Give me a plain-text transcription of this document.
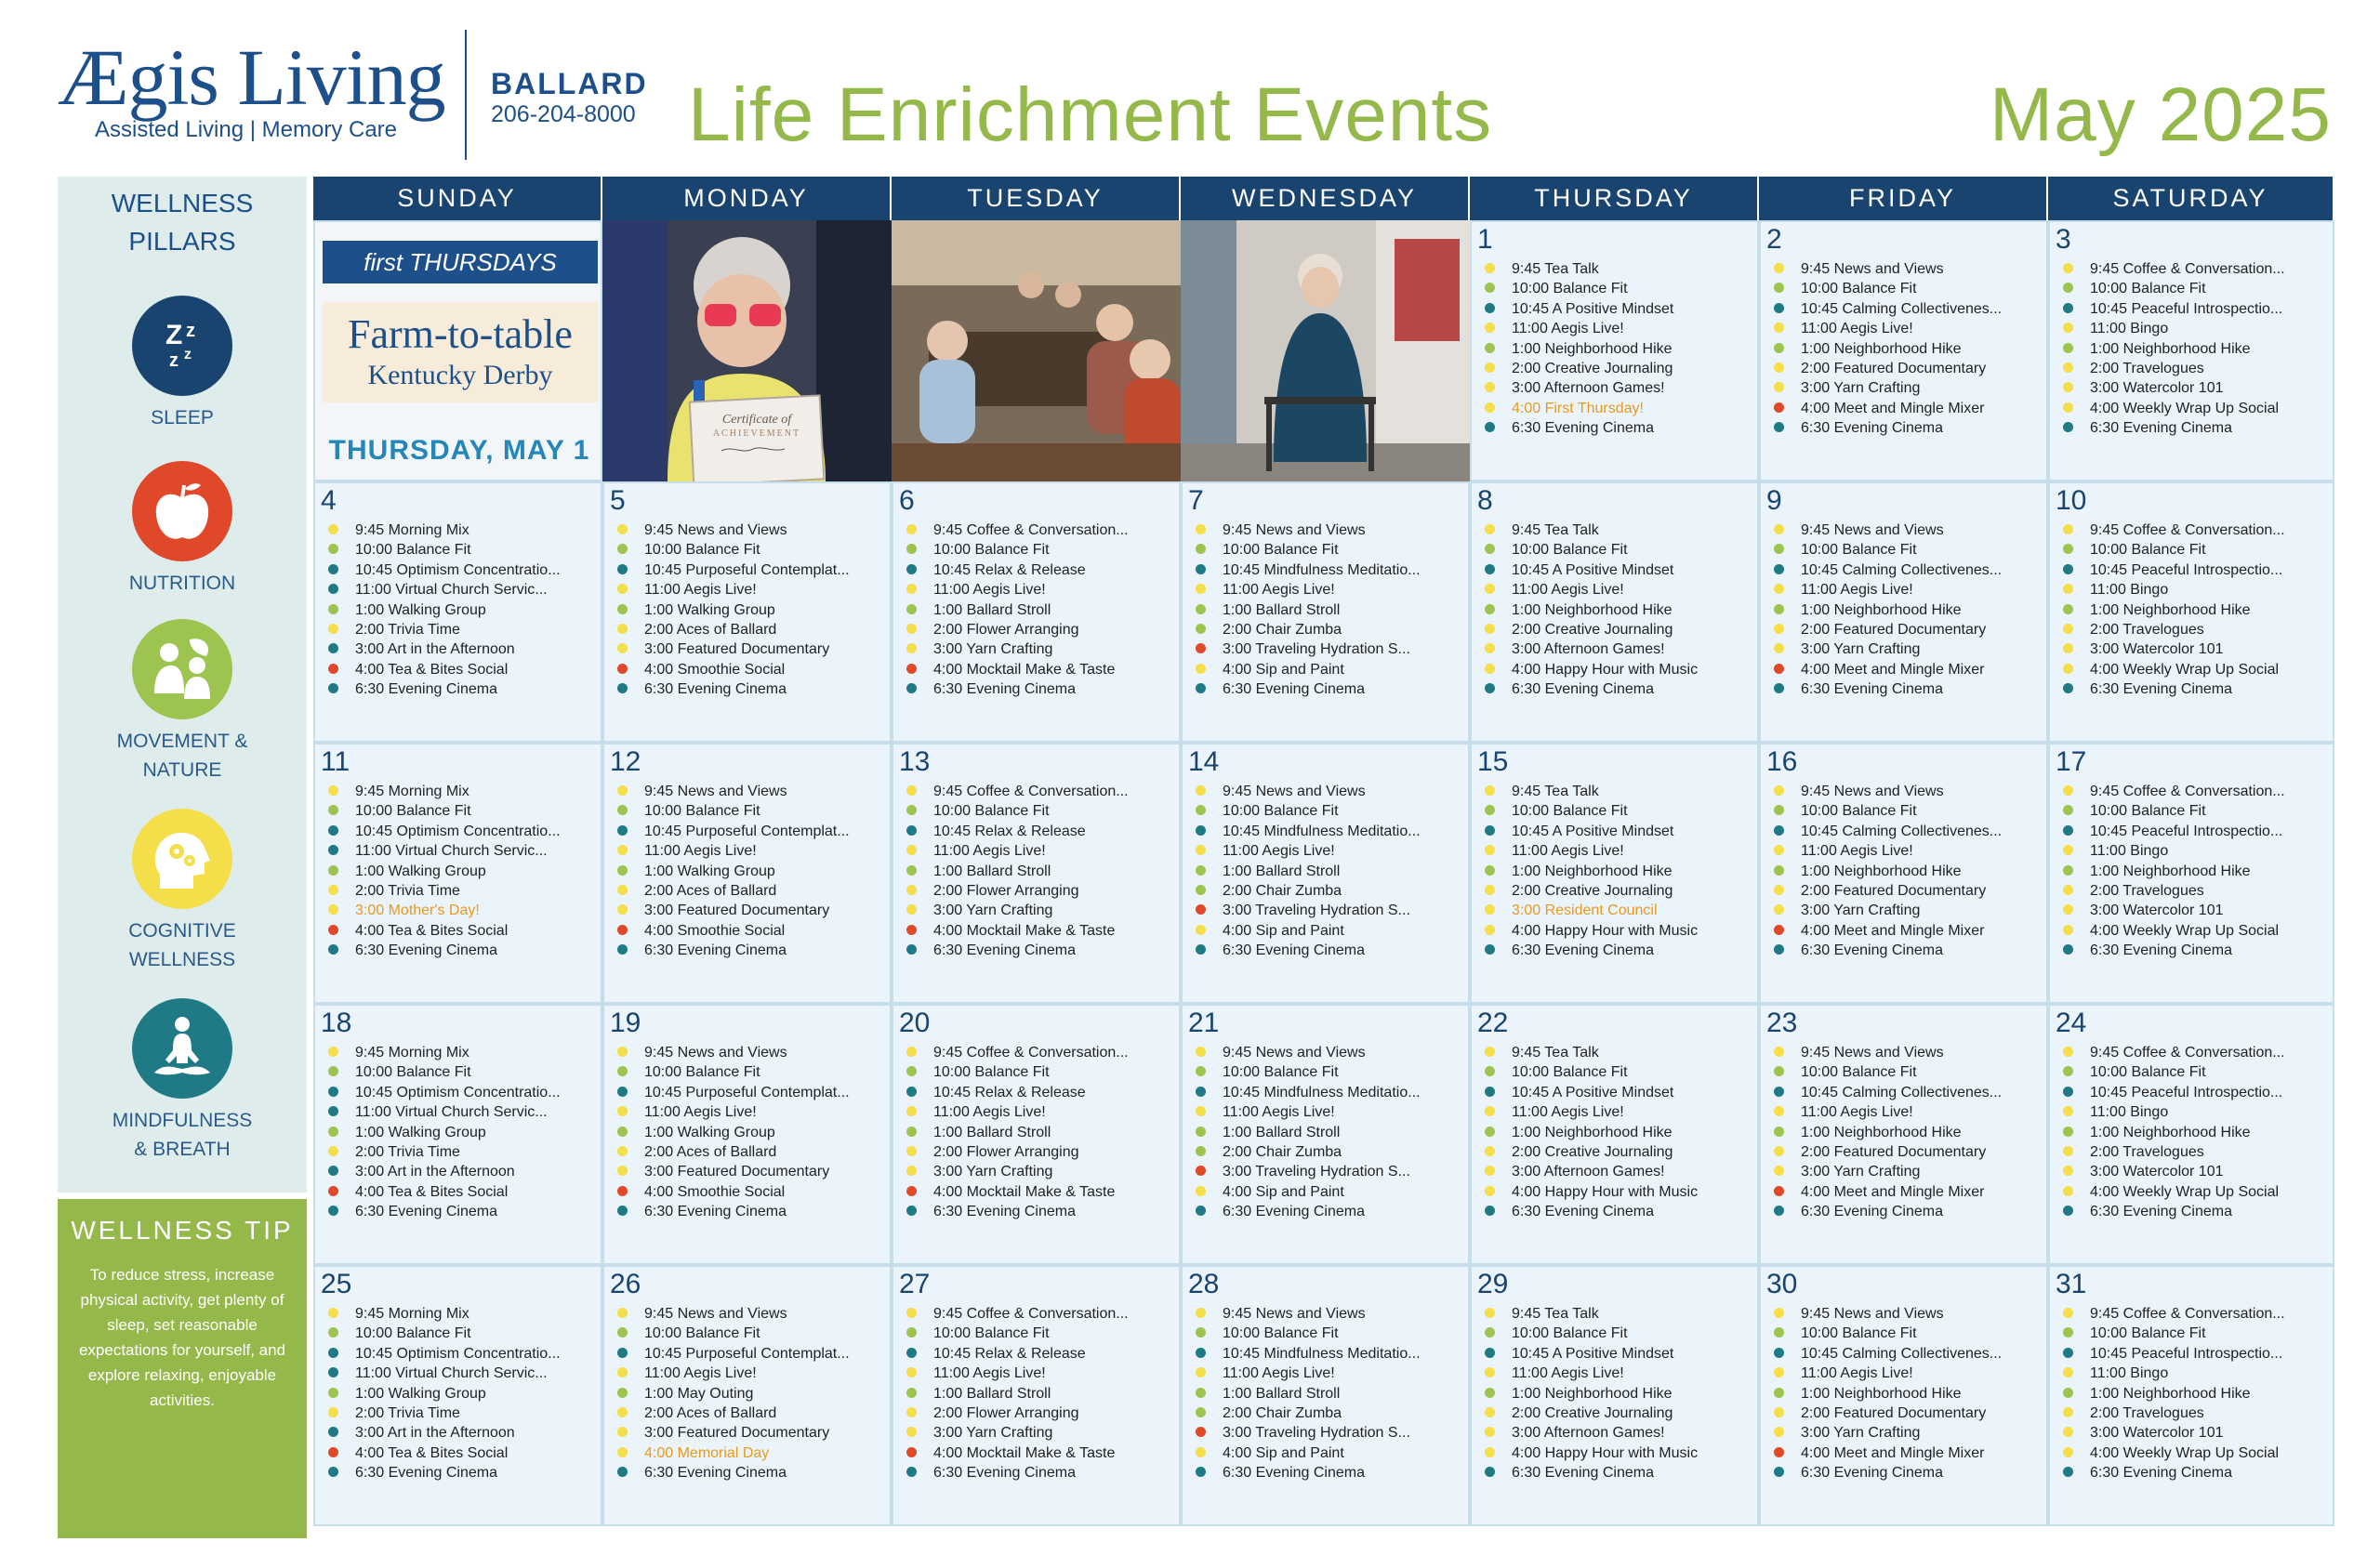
Ægis Living
Assisted Living | Memory Care
BALLARD
206-204-8000 Life Enrichment Events	May 2025
WELLNESS
PILLARS
Z z
z z
SLEEP
NUTRITION
MOVEMENT &
NATURE
COGNITIVE
WELLNESS
MINDFULNESS
& BREATH
WELLNESS TIP
To reduce stress, increase physical activity, get plenty of sleep, set reasonable expectations for yourself, and explore relaxing, enjoyable activities.
SUNDAY	MONDAY	TUESDAY	WEDNESDAY	THURSDAY	FRIDAY	SATURDAY
first THURSDAYS
Farm-to-table
Kentucky Derby
THURSDAY, MAY 1
Certificate of
ACHIEVEMENT
1
9:45 Tea Talk
10:00 Balance Fit
10:45 A Positive Mindset
11:00 Aegis Live!
1:00 Neighborhood Hike
2:00 Creative Journaling
3:00 Afternoon Games!
4:00 First Thursday!
6:30 Evening Cinema
2
9:45 News and Views
10:00 Balance Fit
10:45 Calming Collectivenes...
11:00 Aegis Live!
1:00 Neighborhood Hike
2:00 Featured Documentary
3:00 Yarn Crafting
4:00 Meet and Mingle Mixer
6:30 Evening Cinema
3
9:45 Coffee & Conversation...
10:00 Balance Fit
10:45 Peaceful Introspectio...
11:00 Bingo
1:00 Neighborhood Hike
2:00 Travelogues
3:00 Watercolor 101
4:00 Weekly Wrap Up Social
6:30 Evening Cinema
4
9:45 Morning Mix
10:00 Balance Fit
10:45 Optimism Concentratio...
11:00 Virtual Church Servic...
1:00 Walking Group
2:00 Trivia Time
3:00 Art in the Afternoon
4:00 Tea & Bites Social
6:30 Evening Cinema
5
9:45 News and Views
10:00 Balance Fit
10:45 Purposeful Contemplat...
11:00 Aegis Live!
1:00 Walking Group
2:00 Aces of Ballard
3:00 Featured Documentary
4:00 Smoothie Social
6:30 Evening Cinema
6
9:45 Coffee & Conversation...
10:00 Balance Fit
10:45 Relax & Release
11:00 Aegis Live!
1:00 Ballard Stroll
2:00 Flower Arranging
3:00 Yarn Crafting
4:00 Mocktail Make & Taste
6:30 Evening Cinema
7
9:45 News and Views
10:00 Balance Fit
10:45 Mindfulness Meditatio...
11:00 Aegis Live!
1:00 Ballard Stroll
2:00 Chair Zumba
3:00 Traveling Hydration S...
4:00 Sip and Paint
6:30 Evening Cinema
8
9:45 Tea Talk
10:00 Balance Fit
10:45 A Positive Mindset
11:00 Aegis Live!
1:00 Neighborhood Hike
2:00 Creative Journaling
3:00 Afternoon Games!
4:00 Happy Hour with Music
6:30 Evening Cinema
9
9:45 News and Views
10:00 Balance Fit
10:45 Calming Collectivenes...
11:00 Aegis Live!
1:00 Neighborhood Hike
2:00 Featured Documentary
3:00 Yarn Crafting
4:00 Meet and Mingle Mixer
6:30 Evening Cinema
10
9:45 Coffee & Conversation...
10:00 Balance Fit
10:45 Peaceful Introspectio...
11:00 Bingo
1:00 Neighborhood Hike
2:00 Travelogues
3:00 Watercolor 101
4:00 Weekly Wrap Up Social
6:30 Evening Cinema
11
9:45 Morning Mix
10:00 Balance Fit
10:45 Optimism Concentratio...
11:00 Virtual Church Servic...
1:00 Walking Group
2:00 Trivia Time
3:00 Mother's Day!
4:00 Tea & Bites Social
6:30 Evening Cinema
12
9:45 News and Views
10:00 Balance Fit
10:45 Purposeful Contemplat...
11:00 Aegis Live!
1:00 Walking Group
2:00 Aces of Ballard
3:00 Featured Documentary
4:00 Smoothie Social
6:30 Evening Cinema
13
9:45 Coffee & Conversation...
10:00 Balance Fit
10:45 Relax & Release
11:00 Aegis Live!
1:00 Ballard Stroll
2:00 Flower Arranging
3:00 Yarn Crafting
4:00 Mocktail Make & Taste
6:30 Evening Cinema
14
9:45 News and Views
10:00 Balance Fit
10:45 Mindfulness Meditatio...
11:00 Aegis Live!
1:00 Ballard Stroll
2:00 Chair Zumba
3:00 Traveling Hydration S...
4:00 Sip and Paint
6:30 Evening Cinema
15
9:45 Tea Talk
10:00 Balance Fit
10:45 A Positive Mindset
11:00 Aegis Live!
1:00 Neighborhood Hike
2:00 Creative Journaling
3:00 Resident Council
4:00 Happy Hour with Music
6:30 Evening Cinema
16
9:45 News and Views
10:00 Balance Fit
10:45 Calming Collectivenes...
11:00 Aegis Live!
1:00 Neighborhood Hike
2:00 Featured Documentary
3:00 Yarn Crafting
4:00 Meet and Mingle Mixer
6:30 Evening Cinema
17
9:45 Coffee & Conversation...
10:00 Balance Fit
10:45 Peaceful Introspectio...
11:00 Bingo
1:00 Neighborhood Hike
2:00 Travelogues
3:00 Watercolor 101
4:00 Weekly Wrap Up Social
6:30 Evening Cinema
18
9:45 Morning Mix
10:00 Balance Fit
10:45 Optimism Concentratio...
11:00 Virtual Church Servic...
1:00 Walking Group
2:00 Trivia Time
3:00 Art in the Afternoon
4:00 Tea & Bites Social
6:30 Evening Cinema
19
9:45 News and Views
10:00 Balance Fit
10:45 Purposeful Contemplat...
11:00 Aegis Live!
1:00 Walking Group
2:00 Aces of Ballard
3:00 Featured Documentary
4:00 Smoothie Social
6:30 Evening Cinema
20
9:45 Coffee & Conversation...
10:00 Balance Fit
10:45 Relax & Release
11:00 Aegis Live!
1:00 Ballard Stroll
2:00 Flower Arranging
3:00 Yarn Crafting
4:00 Mocktail Make & Taste
6:30 Evening Cinema
21
9:45 News and Views
10:00 Balance Fit
10:45 Mindfulness Meditatio...
11:00 Aegis Live!
1:00 Ballard Stroll
2:00 Chair Zumba
3:00 Traveling Hydration S...
4:00 Sip and Paint
6:30 Evening Cinema
22
9:45 Tea Talk
10:00 Balance Fit
10:45 A Positive Mindset
11:00 Aegis Live!
1:00 Neighborhood Hike
2:00 Creative Journaling
3:00 Afternoon Games!
4:00 Happy Hour with Music
6:30 Evening Cinema
23
9:45 News and Views
10:00 Balance Fit
10:45 Calming Collectivenes...
11:00 Aegis Live!
1:00 Neighborhood Hike
2:00 Featured Documentary
3:00 Yarn Crafting
4:00 Meet and Mingle Mixer
6:30 Evening Cinema
24
9:45 Coffee & Conversation...
10:00 Balance Fit
10:45 Peaceful Introspectio...
11:00 Bingo
1:00 Neighborhood Hike
2:00 Travelogues
3:00 Watercolor 101
4:00 Weekly Wrap Up Social
6:30 Evening Cinema
25
9:45 Morning Mix
10:00 Balance Fit
10:45 Optimism Concentratio...
11:00 Virtual Church Servic...
1:00 Walking Group
2:00 Trivia Time
3:00 Art in the Afternoon
4:00 Tea & Bites Social
6:30 Evening Cinema
26
9:45 News and Views
10:00 Balance Fit
10:45 Purposeful Contemplat...
11:00 Aegis Live!
1:00 May Outing
2:00 Aces of Ballard
3:00 Featured Documentary
4:00 Memorial Day
6:30 Evening Cinema
27
9:45 Coffee & Conversation...
10:00 Balance Fit
10:45 Relax & Release
11:00 Aegis Live!
1:00 Ballard Stroll
2:00 Flower Arranging
3:00 Yarn Crafting
4:00 Mocktail Make & Taste
6:30 Evening Cinema
28
9:45 News and Views
10:00 Balance Fit
10:45 Mindfulness Meditatio...
11:00 Aegis Live!
1:00 Ballard Stroll
2:00 Chair Zumba
3:00 Traveling Hydration S...
4:00 Sip and Paint
6:30 Evening Cinema
29
9:45 Tea Talk
10:00 Balance Fit
10:45 A Positive Mindset
11:00 Aegis Live!
1:00 Neighborhood Hike
2:00 Creative Journaling
3:00 Afternoon Games!
4:00 Happy Hour with Music
6:30 Evening Cinema
30
9:45 News and Views
10:00 Balance Fit
10:45 Calming Collectivenes...
11:00 Aegis Live!
1:00 Neighborhood Hike
2:00 Featured Documentary
3:00 Yarn Crafting
4:00 Meet and Mingle Mixer
6:30 Evening Cinema
31
9:45 Coffee & Conversation...
10:00 Balance Fit
10:45 Peaceful Introspectio...
11:00 Bingo
1:00 Neighborhood Hike
2:00 Travelogues
3:00 Watercolor 101
4:00 Weekly Wrap Up Social
6:30 Evening Cinema
